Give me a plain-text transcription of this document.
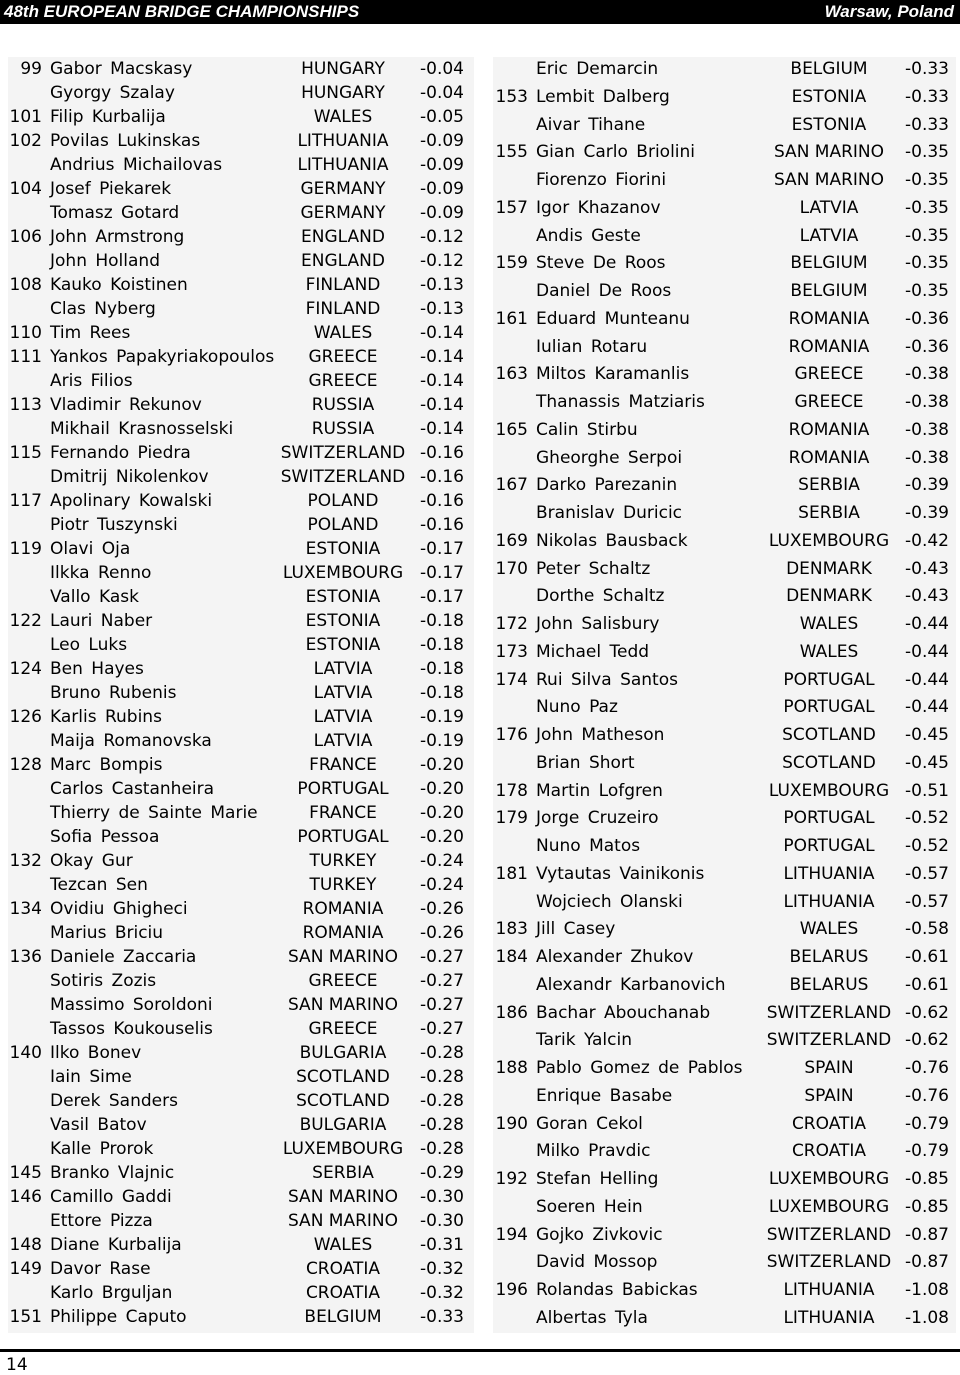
48th EUROPEAN BRIDGE CHAMPIONSHIPS	Warsaw, Poland
99 Gabor Macskasy	HUNGARY	-0.04
Gyorgy Szalay	HUNGARY	-0.04
101 Filip Kurbalija	WALES	-0.05
102 Povilas Lukinskas	LITHUANIA	-0.09
Andrius Michailovas	LITHUANIA	-0.09
104 Josef Piekarek	GERMANY	-0.09
Tomasz Gotard	GERMANY	-0.09
106 John Armstrong	ENGLAND	-0.12
John Holland	ENGLAND	-0.12
108 Kauko Koistinen	FINLAND	-0.13
Clas Nyberg	FINLAND	-0.13
110 Tim Rees	WALES	-0.14
111 Yankos Papakyriakopoulos	GREECE	-0.14
Aris Filios	GREECE	-0.14
113 Vladimir Rekunov	RUSSIA	-0.14
Mikhail Krasnosselski	RUSSIA	-0.14
115 Fernando Piedra	SWITZERLAND -0.16
Dmitrij Nikolenkov	SWITZERLAND -0.16
117 Apolinary Kowalski	POLAND	-0.16
Piotr Tuszynski	POLAND	-0.16
119 Olavi Oja	ESTONIA	-0.17
Ilkka Renno	LUXEMBOURG -0.17
Vallo Kask	ESTONIA	-0.17
122 Lauri Naber	ESTONIA	-0.18
Leo Luks	ESTONIA	-0.18
124 Ben Hayes	LATVIA	-0.18
Bruno Rubenis	LATVIA	-0.18
126 Karlis Rubins	LATVIA	-0.19
Maija Romanovska	LATVIA	-0.19
128 Marc Bompis	FRANCE	-0.20
Carlos Castanheira	PORTUGAL	-0.20
Thierry de Sainte Marie	FRANCE	-0.20
Sofia Pessoa	PORTUGAL	-0.20
132 Okay Gur	TURKEY	-0.24
Tezcan Sen	TURKEY	-0.24
134 Ovidiu Ghigheci	ROMANIA	-0.26
Marius Briciu	ROMANIA	-0.26
136 Daniele Zaccaria	SAN MARINO	-0.27
Sotiris Zozis	GREECE	-0.27
Massimo Soroldoni	SAN MARINO	-0.27
Tassos Koukouselis	GREECE	-0.27
140 Ilko Bonev	BULGARIA	-0.28
Iain Sime	SCOTLAND	-0.28
Derek Sanders	SCOTLAND	-0.28
Vasil Batov	BULGARIA	-0.28
Kalle Prorok	LUXEMBOURG -0.28
145 Branko Vlajnic	SERBIA	-0.29
146 Camillo Gaddi	SAN MARINO	-0.30
Ettore Pizza	SAN MARINO	-0.30
148 Diane Kurbalija	WALES	-0.31
149 Davor Rase	CROATIA	-0.32
Karlo Brguljan	CROATIA	-0.32
151 Philippe Caputo	BELGIUM	-0.33
Eric Demarcin	BELGIUM	-0.33
153 Lembit Dalberg	ESTONIA	-0.33
Aivar Tihane	ESTONIA	-0.33
155 Gian Carlo Briolini	SAN MARINO	-0.35
Fiorenzo Fiorini	SAN MARINO	-0.35
157 Igor Khazanov	LATVIA	-0.35
Andis Geste	LATVIA	-0.35
159 Steve De Roos	BELGIUM	-0.35
Daniel De Roos	BELGIUM	-0.35
161 Eduard Munteanu	ROMANIA	-0.36
Iulian Rotaru	ROMANIA	-0.36
163 Miltos Karamanlis	GREECE	-0.38
Thanassis Matziaris	GREECE	-0.38
165 Calin Stirbu	ROMANIA	-0.38
Gheorghe Serpoi	ROMANIA	-0.38
167 Darko Parezanin	SERBIA	-0.39
Branislav Duricic	SERBIA	-0.39
169 Nikolas Bausback	LUXEMBOURG -0.42
170 Peter Schaltz	DENMARK	-0.43
Dorthe Schaltz	DENMARK	-0.43
172 John Salisbury	WALES	-0.44
173 Michael Tedd	WALES	-0.44
174 Rui Silva Santos	PORTUGAL	-0.44
Nuno Paz	PORTUGAL	-0.44
176 John Matheson	SCOTLAND	-0.45
Brian Short	SCOTLAND	-0.45
178 Martin Lofgren	LUXEMBOURG -0.51
179 Jorge Cruzeiro	PORTUGAL	-0.52
Nuno Matos	PORTUGAL	-0.52
181 Vytautas Vainikonis	LITHUANIA	-0.57
Wojciech Olanski	LITHUANIA	-0.57
183 Jill Casey	WALES	-0.58
184 Alexander Zhukov	BELARUS	-0.61
Alexandr Karbanovich	BELARUS	-0.61
186 Bachar Abouchanab	SWITZERLAND -0.62
Tarik Yalcin	SWITZERLAND -0.62
188 Pablo Gomez de Pablos	SPAIN	-0.76
Enrique Basabe	SPAIN	-0.76
190 Goran Cekol	CROATIA	-0.79
Milko Pravdic	CROATIA	-0.79
192 Stefan Helling	LUXEMBOURG -0.85
Soeren Hein	LUXEMBOURG -0.85
194 Gojko Zivkovic	SWITZERLAND -0.87
David Mossop	SWITZERLAND -0.87
196 Rolandas Babickas	LITHUANIA	-1.08
Albertas Tyla	LITHUANIA	-1.08
14
